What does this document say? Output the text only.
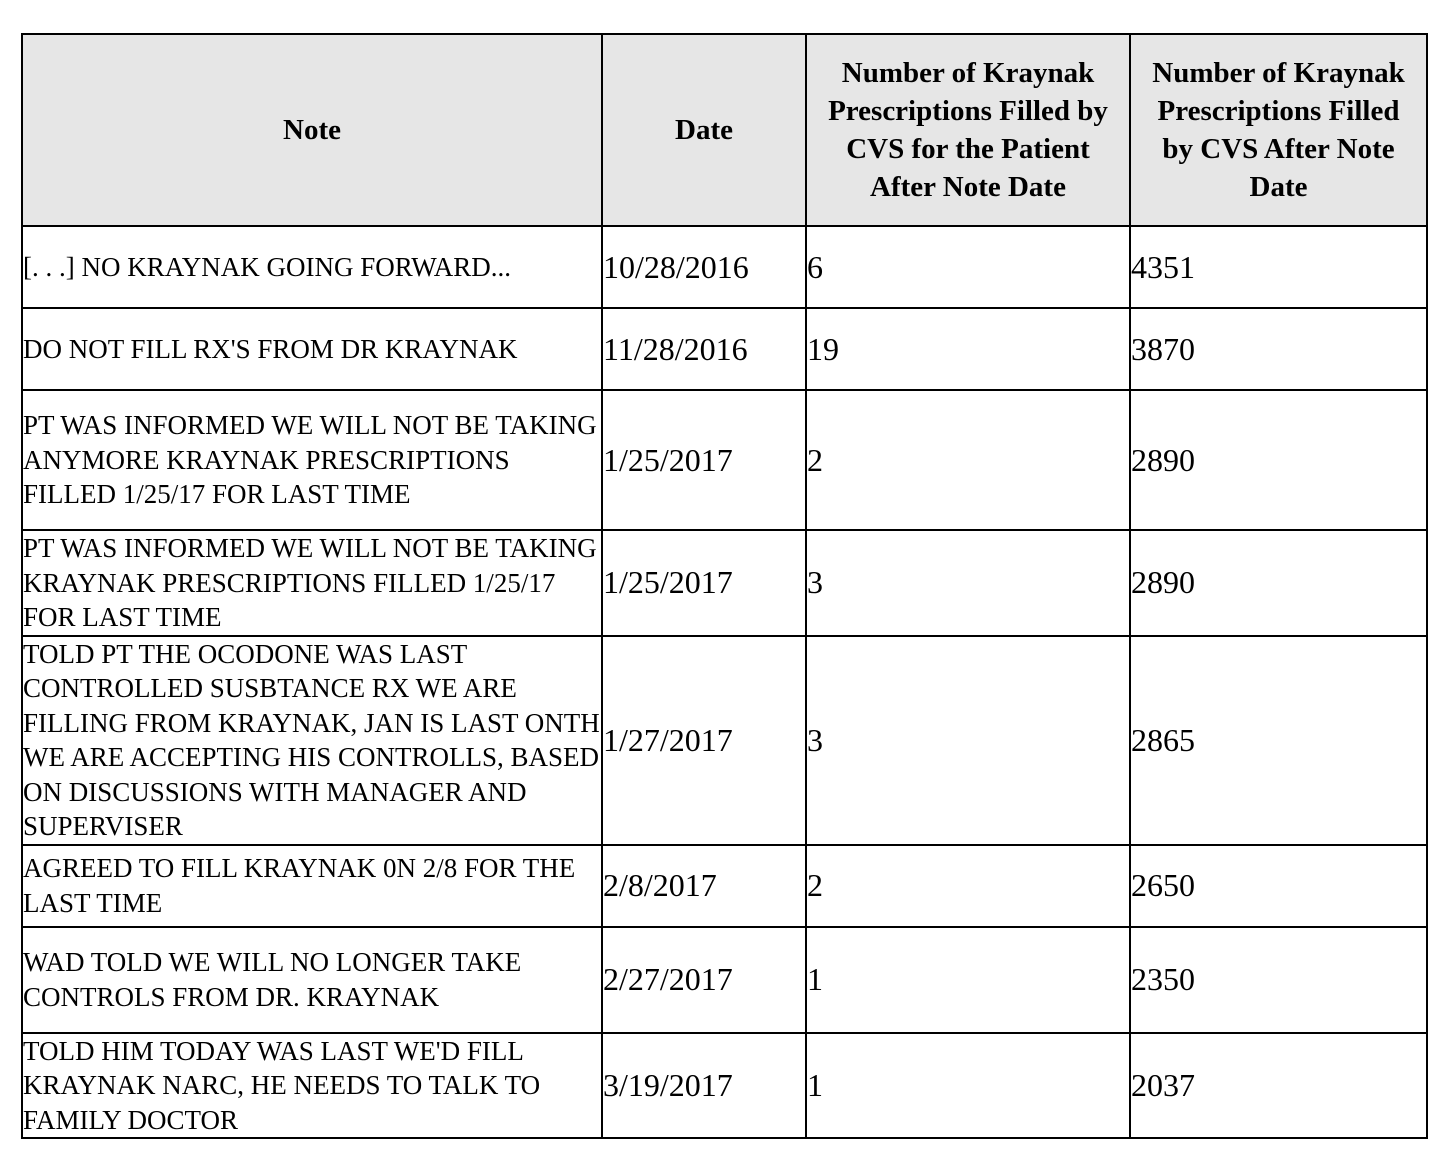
Note	Date	Number of Kraynak Prescriptions Filled by CVS for the Patient After Note Date	Number of Kraynak Prescriptions Filled by CVS After Note Date
[. . .] NO KRAYNAK GOING FORWARD...	10/28/2016	6	4351
DO NOT FILL RX'S FROM DR KRAYNAK	11/28/2016	19	3870
PT WAS INFORMED WE WILL NOT BE TAKING ANYMORE KRAYNAK PRESCRIPTIONS FILLED 1/25/17 FOR LAST TIME	1/25/2017	2	2890
PT WAS INFORMED WE WILL NOT BE TAKING KRAYNAK PRESCRIPTIONS FILLED 1/25/17 FOR LAST TIME	1/25/2017	3	2890
TOLD PT THE OCODONE WAS LAST CONTROLLED SUSBTANCE RX WE ARE FILLING FROM KRAYNAK, JAN IS LAST ONTH WE ARE ACCEPTING HIS CONTROLLS, BASED ON DISCUSSIONS WITH MANAGER AND SUPERVISER	1/27/2017	3	2865
AGREED TO FILL KRAYNAK 0N 2/8 FOR THE LAST TIME	2/8/2017	2	2650
WAD TOLD WE WILL NO LONGER TAKE CONTROLS FROM DR. KRAYNAK	2/27/2017	1	2350
TOLD HIM TODAY WAS LAST WE'D FILL KRAYNAK NARC, HE NEEDS TO TALK TO FAMILY DOCTOR	3/19/2017	1	2037
